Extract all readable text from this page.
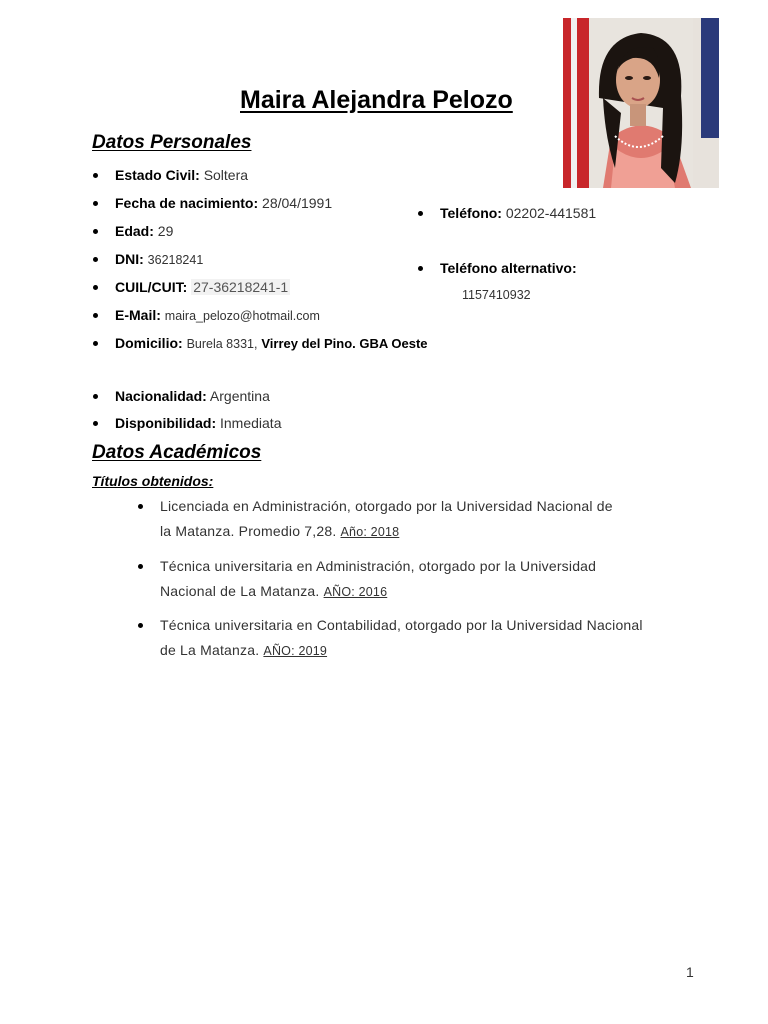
Maira Alejandra Pelozo
Datos Personales
Estado Civil: Soltera
Fecha de nacimiento: 28/04/1991
Edad: 29
DNI: 36218241
CUIL/CUIT: 27-36218241-1
E-Mail: maira_pelozo@hotmail.com
Domicilio: Burela 8331, Virrey del Pino. GBA Oeste
Nacionalidad: Argentina
Disponibilidad: Inmediata
Teléfono: 02202-441581
Teléfono alternativo:
1157410932
Datos Académicos
Títulos obtenidos:
Licenciada en Administración, otorgado por la Universidad Nacional de
la Matanza. Promedio 7,28. Año: 2018
Técnica universitaria en Administración, otorgado por la Universidad
Nacional de La Matanza. AÑO: 2016
Técnica universitaria en Contabilidad, otorgado por la Universidad Nacional
de La Matanza. AÑO: 2019
1
